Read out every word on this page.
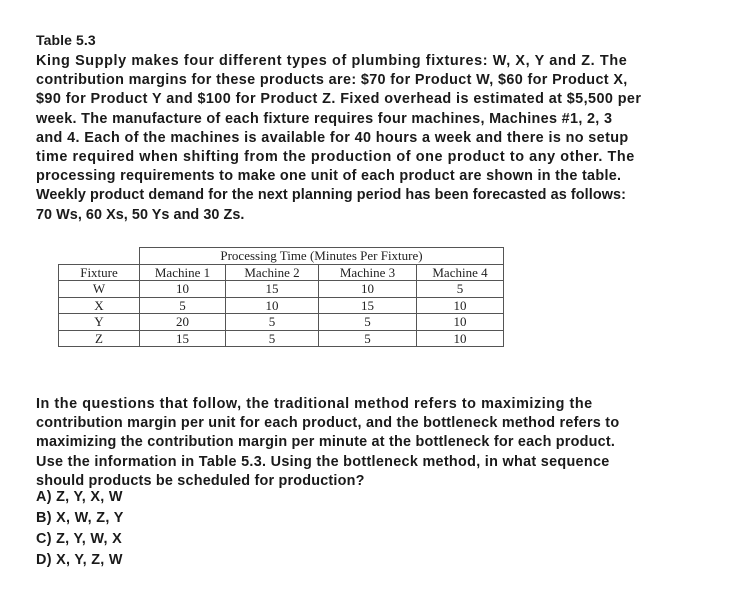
Table 5.3
King Supply makes four different types of plumbing fixtures: W, X, Y and Z. The
contribution margins for these products are: $70 for Product W, $60 for Product X,
$90 for Product Y and $100 for Product Z. Fixed overhead is estimated at $5,500 per
week. The manufacture of each fixture requires four machines, Machines #1, 2, 3
and 4. Each of the machines is available for 40 hours a week and there is no setup
time required when shifting from the production of one product to any other. The
processing requirements to make one unit of each product are shown in the table.
Weekly product demand for the next planning period has been forecasted as follows:
70 Ws, 60 Xs, 50 Ys and 30 Zs.
	Processing Time (Minutes Per Fixture)			
Fixture	Machine 1	Machine 2	Machine 3	Machine 4
W	10	15	10	5
X	5	10	15	10
Y	20	5	5	10
Z	15	5	5	10
In the questions that follow, the traditional method refers to maximizing the
contribution margin per unit for each product, and the bottleneck method refers to
maximizing the contribution margin per minute at the bottleneck for each product.
Use the information in Table 5.3. Using the bottleneck method, in what sequence
should products be scheduled for production?
A) Z, Y, X, W
B) X, W, Z, Y
C) Z, Y, W, X
D) X, Y, Z, W
